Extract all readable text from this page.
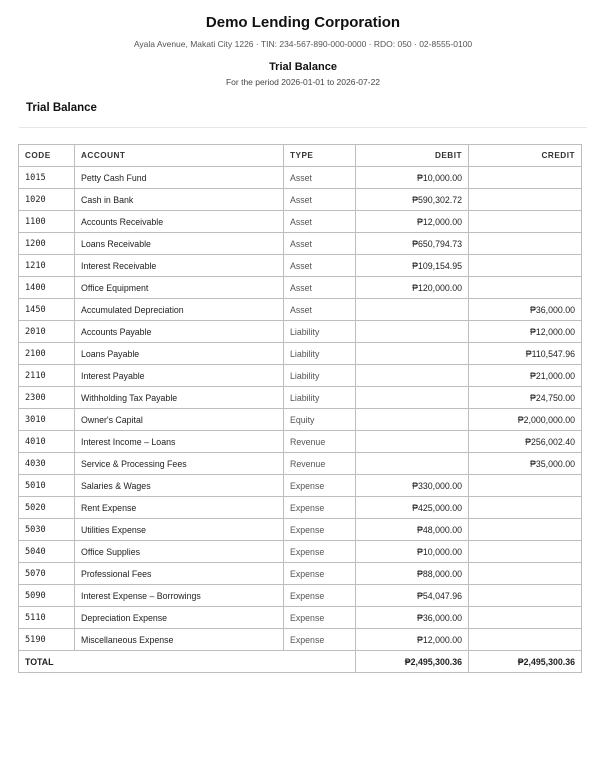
Demo Lending Corporation
Ayala Avenue, Makati City 1226 · TIN: 234-567-890-000-0000 · RDO: 050 · 02-8555-0100
Trial Balance
For the period 2026-01-01 to 2026-07-22
Trial Balance
CODE	ACCOUNT	TYPE	DEBIT	CREDIT
1015	Petty Cash Fund	Asset	₱10,000.00	
1020	Cash in Bank	Asset	₱590,302.72	
1100	Accounts Receivable	Asset	₱12,000.00	
1200	Loans Receivable	Asset	₱650,794.73	
1210	Interest Receivable	Asset	₱109,154.95	
1400	Office Equipment	Asset	₱120,000.00	
1450	Accumulated Depreciation	Asset		₱36,000.00
2010	Accounts Payable	Liability		₱12,000.00
2100	Loans Payable	Liability		₱110,547.96
2110	Interest Payable	Liability		₱21,000.00
2300	Withholding Tax Payable	Liability		₱24,750.00
3010	Owner's Capital	Equity		₱2,000,000.00
4010	Interest Income – Loans	Revenue		₱256,002.40
4030	Service & Processing Fees	Revenue		₱35,000.00
5010	Salaries & Wages	Expense	₱330,000.00	
5020	Rent Expense	Expense	₱425,000.00	
5030	Utilities Expense	Expense	₱48,000.00	
5040	Office Supplies	Expense	₱10,000.00	
5070	Professional Fees	Expense	₱88,000.00	
5090	Interest Expense – Borrowings	Expense	₱54,047.96	
5110	Depreciation Expense	Expense	₱36,000.00	
5190	Miscellaneous Expense	Expense	₱12,000.00	
TOTAL			₱2,495,300.36	₱2,495,300.36
